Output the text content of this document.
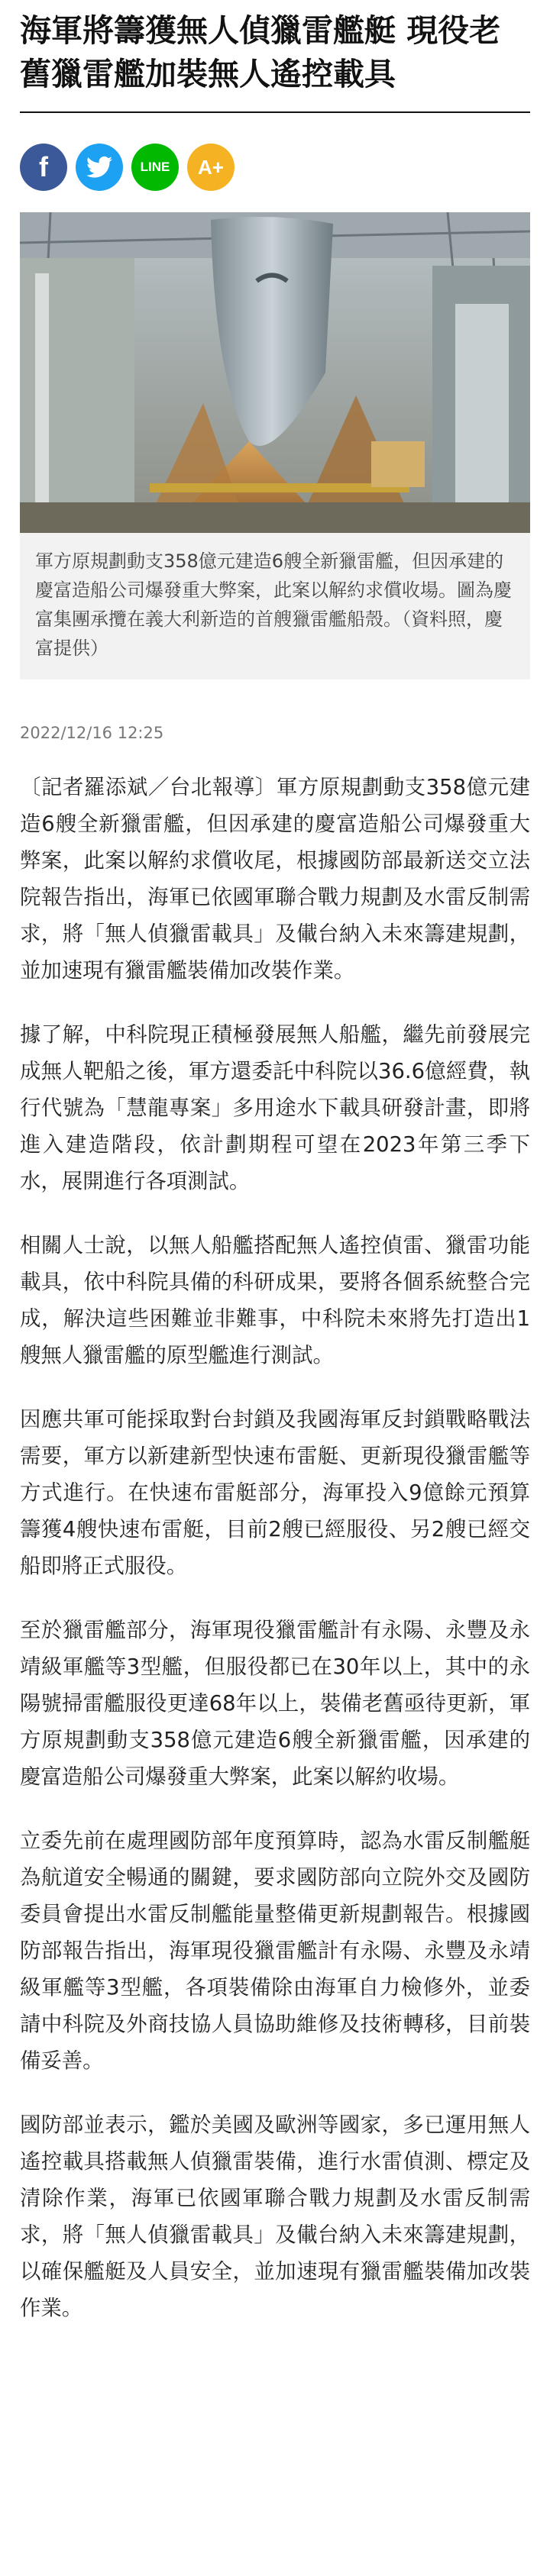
海軍將籌獲無人偵獵雷艦艇 現役老舊獵雷艦加裝無人遙控載具
f	LINE A+

軍方原規劃動支358億元建造6艘全新獵雷艦，但因承建的慶富造船公司爆發重大弊案，此案以解約求償收場。圖為慶富集團承攬在義大利新造的首艘獵雷艦船殼。（資料照，慶富提供）

2022/12/16 12:25

〔記者羅添斌／台北報導〕軍方原規劃動支358億元建造6艘全新獵雷艦，但因承建的慶富造船公司爆發重大弊案，此案以解約求償收尾，根據國防部最新送交立法院報告指出，海軍已依國軍聯合戰力規劃及水雷反制需求，將「無人偵獵雷載具」及儎台納入未來籌建規劃，並加速現有獵雷艦裝備加改裝作業。

據了解，中科院現正積極發展無人船艦，繼先前發展完成無人靶船之後，軍方還委託中科院以36.6億經費，執行代號為「慧龍專案」多用途水下載具研發計畫，即將進入建造階段，依計劃期程可望在2023年第三季下水，展開進行各項測試。

相關人士說，以無人船艦搭配無人遙控偵雷、獵雷功能載具，依中科院具備的科研成果，要將各個系統整合完成，解決這些困難並非難事，中科院未來將先打造出1艘無人獵雷艦的原型艦進行測試。

因應共軍可能採取對台封鎖及我國海軍反封鎖戰略戰法需要，軍方以新建新型快速布雷艇、更新現役獵雷艦等方式進行。在快速布雷艇部分，海軍投入9億餘元預算籌獲4艘快速布雷艇，目前2艘已經服役、另2艘已經交船即將正式服役。

至於獵雷艦部分，海軍現役獵雷艦計有永陽、永豐及永靖級軍艦等3型艦，但服役都已在30年以上，其中的永陽號掃雷艦服役更達68年以上，裝備老舊亟待更新，軍方原規劃動支358億元建造6艘全新獵雷艦，因承建的慶富造船公司爆發重大弊案，此案以解約收場。

立委先前在處理國防部年度預算時，認為水雷反制艦艇為航道安全暢通的關鍵，要求國防部向立院外交及國防委員會提出水雷反制艦能量整備更新規劃報告。根據國防部報告指出，海軍現役獵雷艦計有永陽、永豐及永靖級軍艦等3型艦，各項裝備除由海軍自力檢修外，並委請中科院及外商技協人員協助維修及技術轉移，目前裝備妥善。

國防部並表示，鑑於美國及歐洲等國家，多已運用無人遙控載具搭載無人偵獵雷裝備，進行水雷偵測、標定及清除作業，海軍已依國軍聯合戰力規劃及水雷反制需求，將「無人偵獵雷載具」及儎台納入未來籌建規劃，以確保艦艇及人員安全，並加速現有獵雷艦裝備加改裝作業。
